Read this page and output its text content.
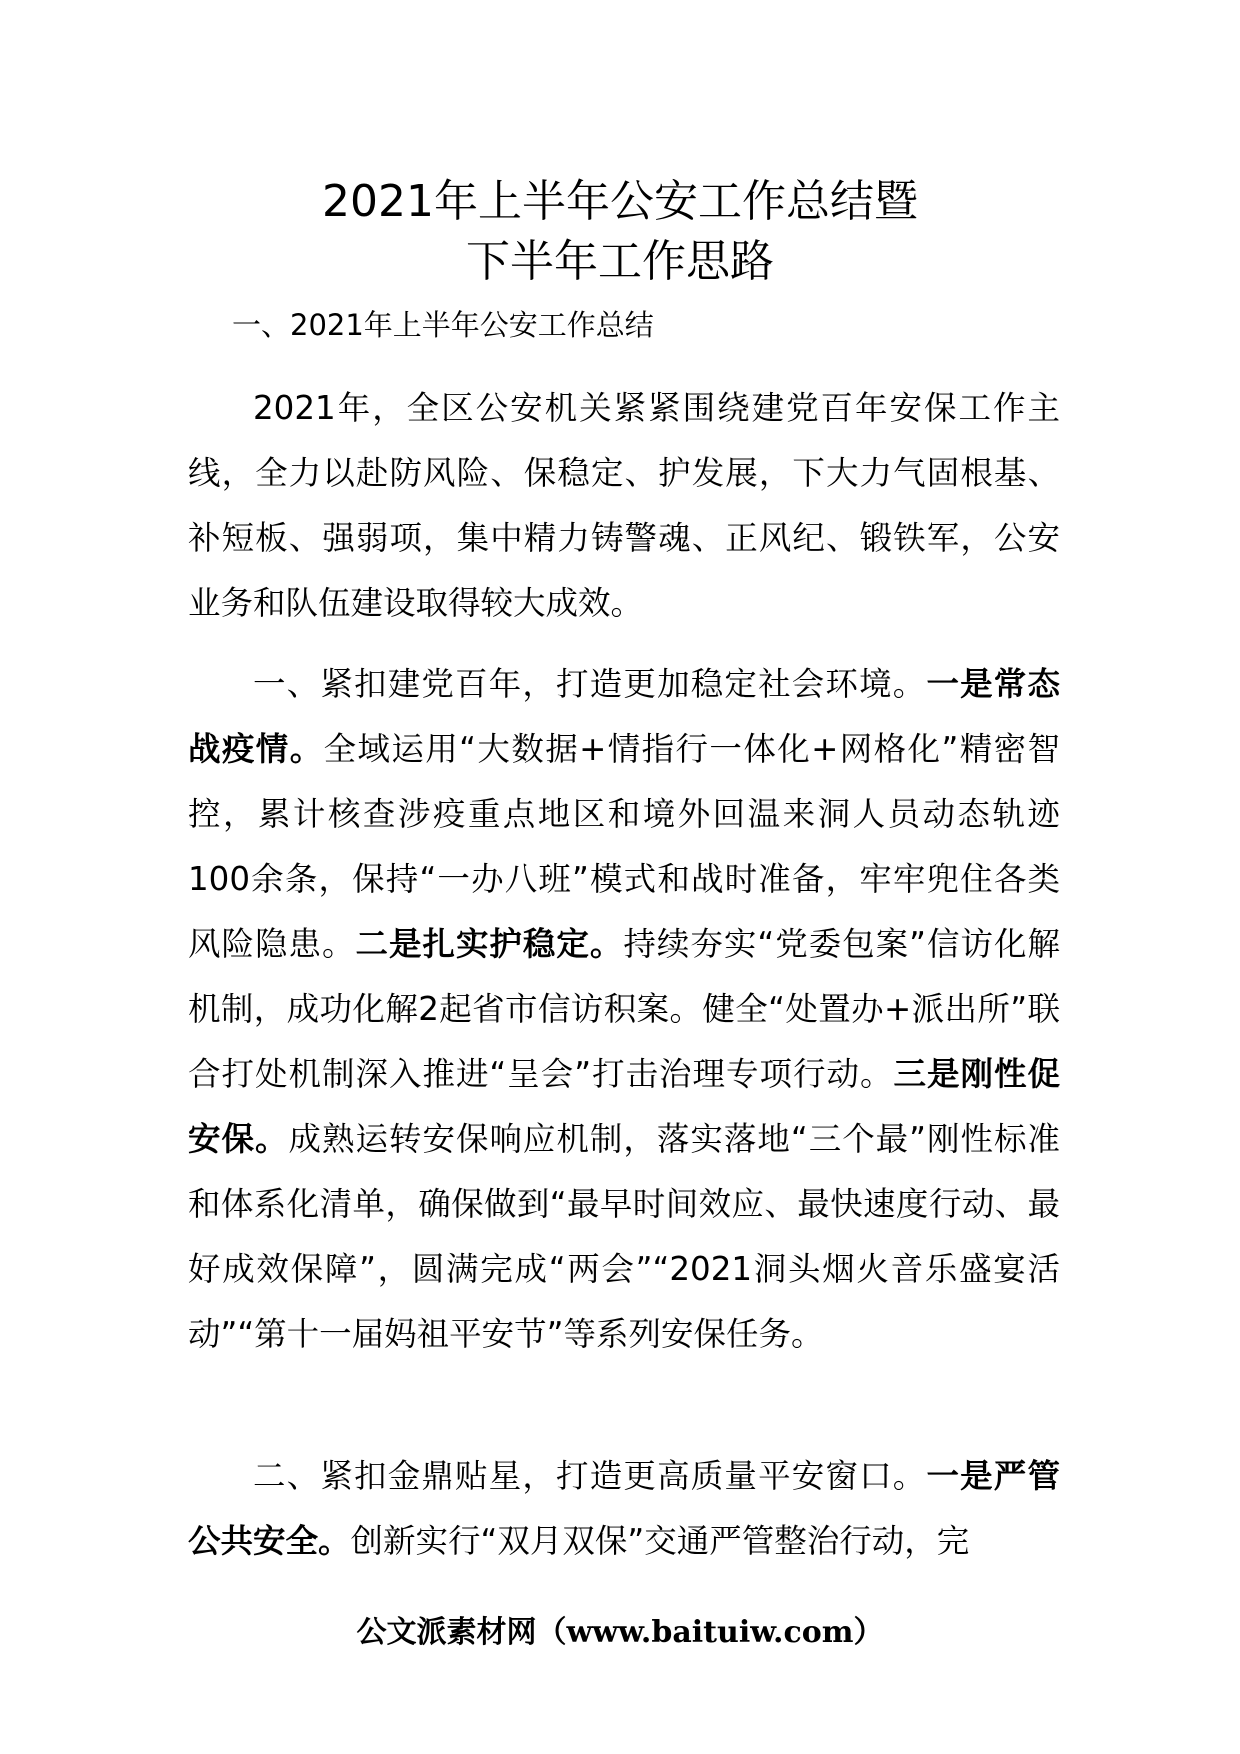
2021年上半年公安工作总结暨
下半年工作思路

一、2021年上半年公安工作总结

2021年，全区公安机关紧紧围绕建党百年安保工作主线，全力以赴防风险、保稳定、护发展，下大力气固根基、补短板、强弱项，集中精力铸警魂、正风纪、锻铁军，公安业务和队伍建设取得较大成效。

一、紧扣建党百年，打造更加稳定社会环境。一是常态战疫情。全域运用“大数据+情指行一体化+网格化”精密智控，累计核查涉疫重点地区和境外回温来洞人员动态轨迹100余条，保持“一办八班”模式和战时准备，牢牢兜住各类风险隐患。二是扎实护稳定。持续夯实“党委包案”信访化解机制，成功化解2起省市信访积案。健全“处置办+派出所”联合打处机制深入推进“呈会”打击治理专项行动。三是刚性促安保。成熟运转安保响应机制，落实落地“三个最”刚性标准和体系化清单，确保做到“最早时间效应、最快速度行动、最好成效保障”，圆满完成“两会”“2021洞头烟火音乐盛宴活动”“第十一届妈祖平安节”等系列安保任务。

二、紧扣金鼎贴星，打造更高质量平安窗口。一是严管公共安全。创新实行“双月双保”交通严管整治行动，完

公文派素材网（www.baituiw.com）
